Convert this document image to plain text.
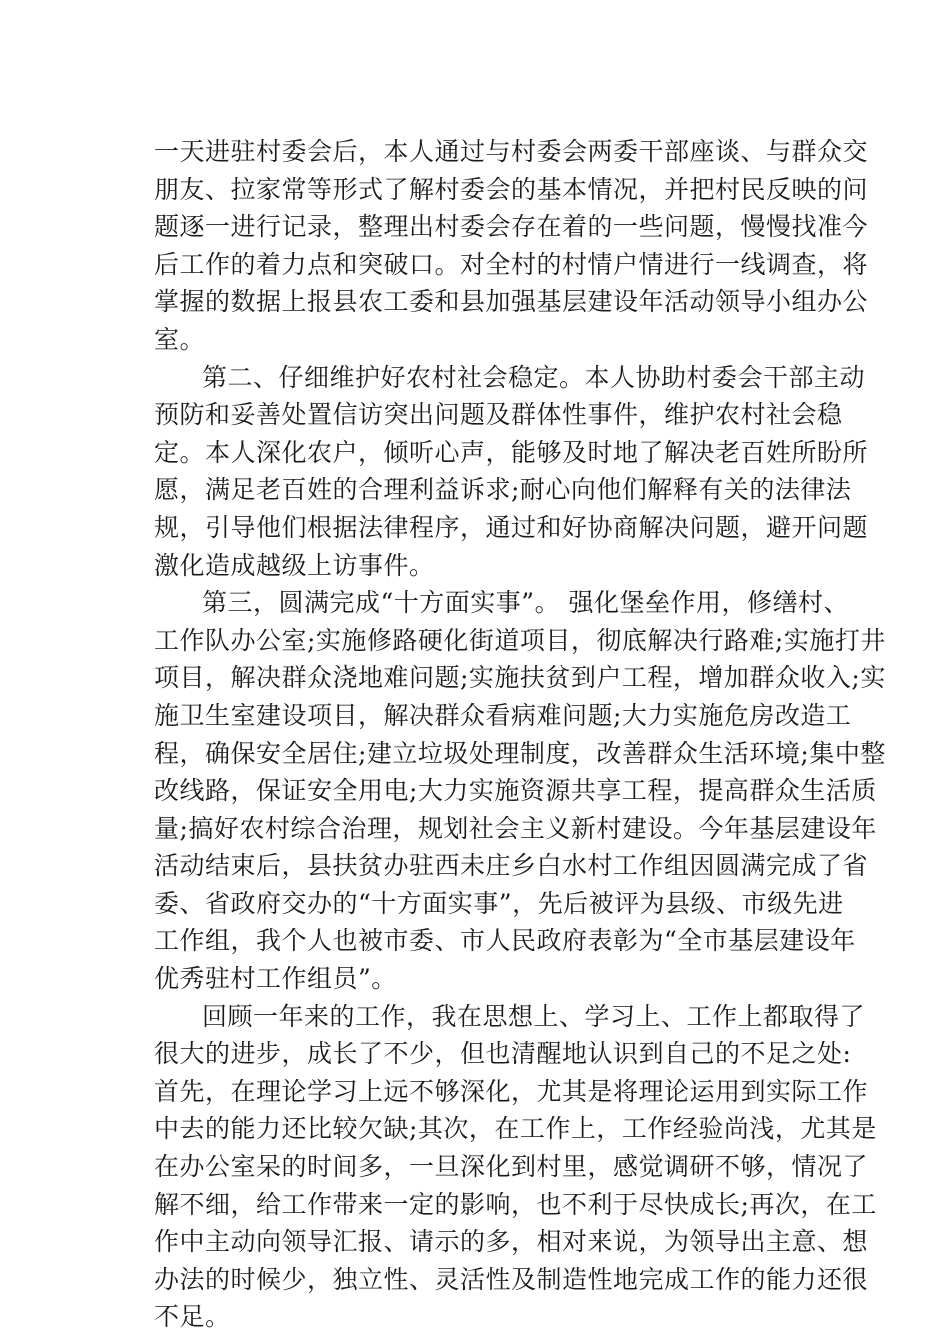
一天进驻村委会后，本人通过与村委会两委干部座谈、与群众交
朋友、拉家常等形式了解村委会的基本情况，并把村民反映的问
题逐一进行记录，整理出村委会存在着的一些问题，慢慢找准今
后工作的着力点和突破口。对全村的村情户情进行一线调查，将
掌握的数据上报县农工委和县加强基层建设年活动领导小组办公
室。
第二、仔细维护好农村社会稳定。本人协助村委会干部主动
预防和妥善处置信访突出问题及群体性事件，维护农村社会稳
定。本人深化农户，倾听心声，能够及时地了解决老百姓所盼所
愿，满足老百姓的合理利益诉求;耐心向他们解释有关的法律法
规，引导他们根据法律程序，通过和好协商解决问题，避开问题
激化造成越级上访事件。
第三，圆满完成“十方面实事”。 强化堡垒作用，修缮村、
工作队办公室;实施修路硬化街道项目，彻底解决行路难;实施打井
项目，解决群众浇地难问题;实施扶贫到户工程，增加群众收入;实
施卫生室建设项目，解决群众看病难问题;大力实施危房改造工
程，确保安全居住;建立垃圾处理制度，改善群众生活环境;集中整
改线路，保证安全用电;大力实施资源共享工程，提高群众生活质
量;搞好农村综合治理，规划社会主义新村建设。今年基层建设年
活动结束后，县扶贫办驻西未庄乡白水村工作组因圆满完成了省
委、省政府交办的“十方面实事”，先后被评为县级、市级先进
工作组，我个人也被市委、市人民政府表彰为“全市基层建设年
优秀驻村工作组员”。
回顾一年来的工作，我在思想上、学习上、工作上都取得了
很大的进步，成长了不少，但也清醒地认识到自己的不足之处:
首先，在理论学习上远不够深化，尤其是将理论运用到实际工作
中去的能力还比较欠缺;其次，在工作上，工作经验尚浅，尤其是
在办公室呆的时间多，一旦深化到村里，感觉调研不够，情况了
解不细，给工作带来一定的影响，也不利于尽快成长;再次，在工
作中主动向领导汇报、请示的多，相对来说，为领导出主意、想
办法的时候少，独立性、灵活性及制造性地完成工作的能力还很
不足。
